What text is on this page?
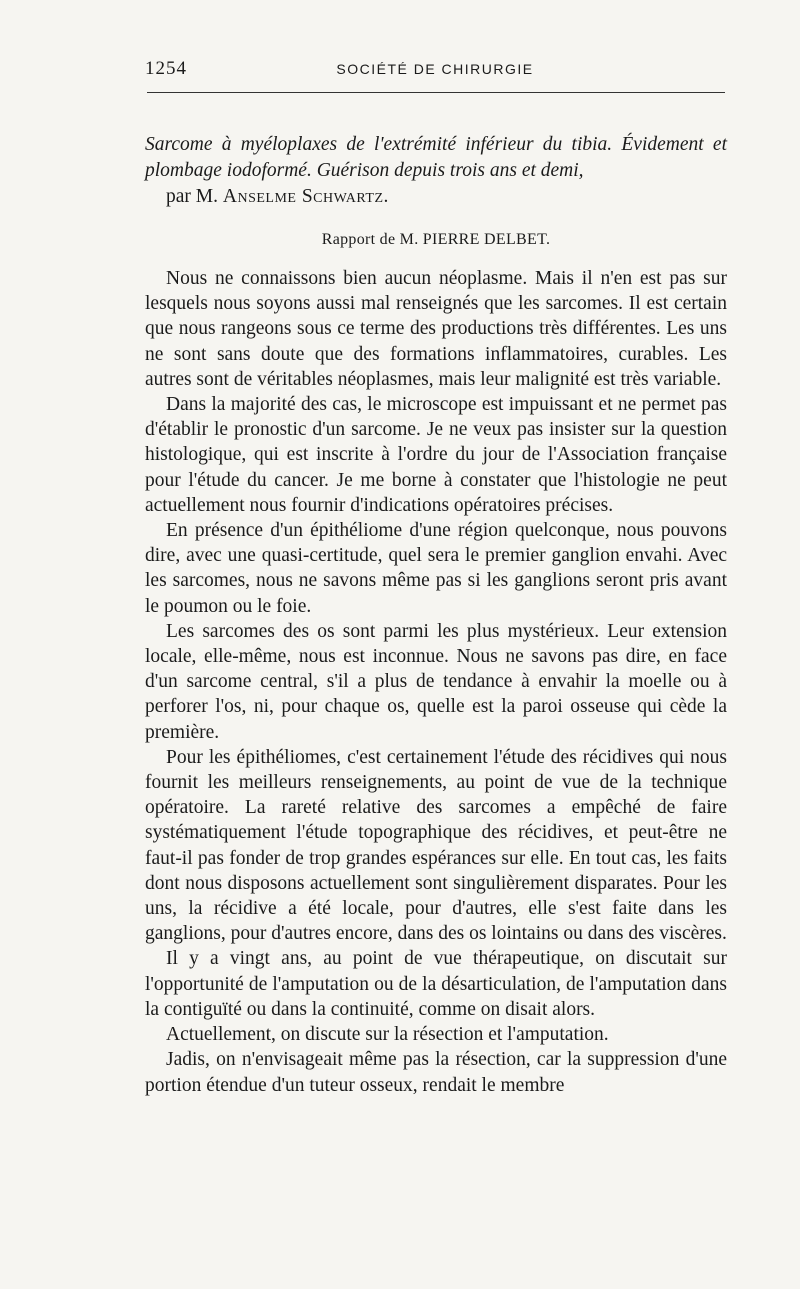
1254	SOCIÉTÉ DE CHIRURGIE

Sarcome à myéloplaxes de l'extrémité inférieur du tibia. Évidement et plombage iodoformé. Guérison depuis trois ans et demi,

par M. Anselme Schwartz.

Rapport de M. PIERRE DELBET.

Nous ne connaissons bien aucun néoplasme. Mais il n'en est pas sur lesquels nous soyons aussi mal renseignés que les sarcomes. Il est certain que nous rangeons sous ce terme des productions très différentes. Les uns ne sont sans doute que des formations inflammatoires, curables. Les autres sont de véritables néoplasmes, mais leur malignité est très variable.

Dans la majorité des cas, le microscope est impuissant et ne permet pas d'établir le pronostic d'un sarcome. Je ne veux pas insister sur la question histologique, qui est inscrite à l'ordre du jour de l'Association française pour l'étude du cancer. Je me borne à constater que l'histologie ne peut actuellement nous fournir d'indications opératoires précises.

En présence d'un épithéliome d'une région quelconque, nous pouvons dire, avec une quasi-certitude, quel sera le premier ganglion envahi. Avec les sarcomes, nous ne savons même pas si les ganglions seront pris avant le poumon ou le foie.

Les sarcomes des os sont parmi les plus mystérieux. Leur extension locale, elle-même, nous est inconnue. Nous ne savons pas dire, en face d'un sarcome central, s'il a plus de tendance à envahir la moelle ou à perforer l'os, ni, pour chaque os, quelle est la paroi osseuse qui cède la première.

Pour les épithéliomes, c'est certainement l'étude des récidives qui nous fournit les meilleurs renseignements, au point de vue de la technique opératoire. La rareté relative des sarcomes a empêché de faire systématiquement l'étude topographique des récidives, et peut-être ne faut-il pas fonder de trop grandes espérances sur elle. En tout cas, les faits dont nous disposons actuellement sont singulièrement disparates. Pour les uns, la récidive a été locale, pour d'autres, elle s'est faite dans les ganglions, pour d'autres encore, dans des os lointains ou dans des viscères.

Il y a vingt ans, au point de vue thérapeutique, on discutait sur l'opportunité de l'amputation ou de la désarticulation, de l'amputation dans la contiguïté ou dans la continuité, comme on disait alors.

Actuellement, on discute sur la résection et l'amputation.

Jadis, on n'envisageait même pas la résection, car la suppression d'une portion étendue d'un tuteur osseux, rendait le membre
